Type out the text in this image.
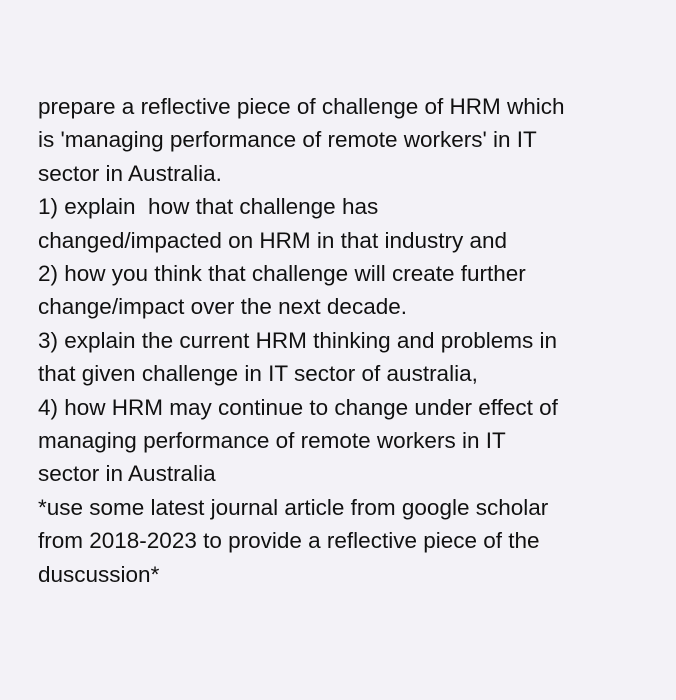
prepare a reflective piece of challenge of HRM which
is 'managing performance of remote workers' in IT
sector in Australia.
1) explain  how that challenge has
changed/impacted on HRM in that industry and
2) how you think that challenge will create further
change/impact over the next decade.
3) explain the current HRM thinking and problems in
that given challenge in IT sector of australia,
4) how HRM may continue to change under effect of
managing performance of remote workers in IT
sector in Australia
*use some latest journal article from google scholar
from 2018-2023 to provide a reflective piece of the
duscussion*
